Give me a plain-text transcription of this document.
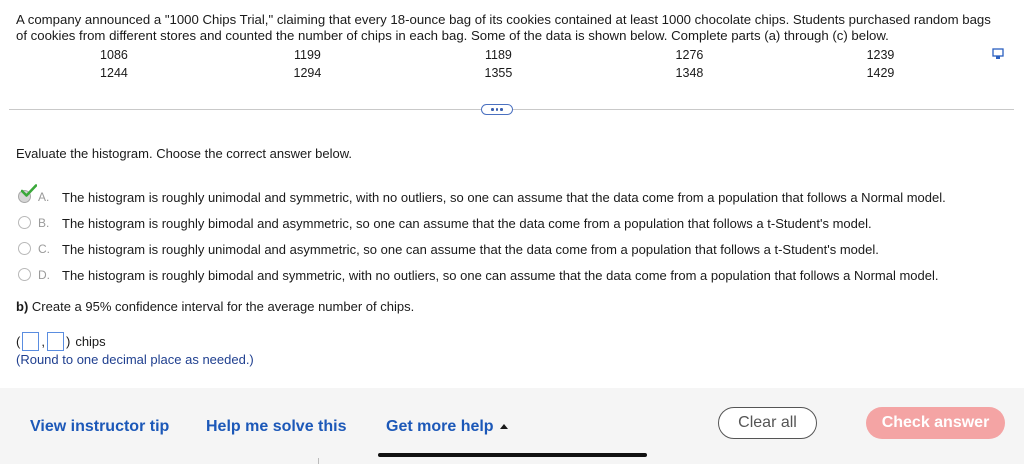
A company announced a "1000 Chips Trial," claiming that every 18-ounce bag of its cookies contained at least 1000 chocolate chips. Students purchased random bags of cookies from different stores and counted the number of chips in each bag. Some of the data is shown below. Complete parts (a) through (c) below.
1086	1199	1189	1276	1239
1244	1294	1355	1348	1429
Evaluate the histogram. Choose the correct answer below.
A. The histogram is roughly unimodal and symmetric, with no outliers, so one can assume that the data come from a population that follows a Normal model.
B. The histogram is roughly bimodal and asymmetric, so one can assume that the data come from a population that follows a t-Student's model.
C. The histogram is roughly unimodal and asymmetric, so one can assume that the data come from a population that follows a t-Student's model.
D. The histogram is roughly bimodal and symmetric, with no outliers, so one can assume that the data come from a population that follows a Normal model.
b) Create a 95% confidence interval for the average number of chips.
( , ) chips
(Round to one decimal place as needed.)
View instructor tip Help me solve this Get more help	Clear all	Check answer
